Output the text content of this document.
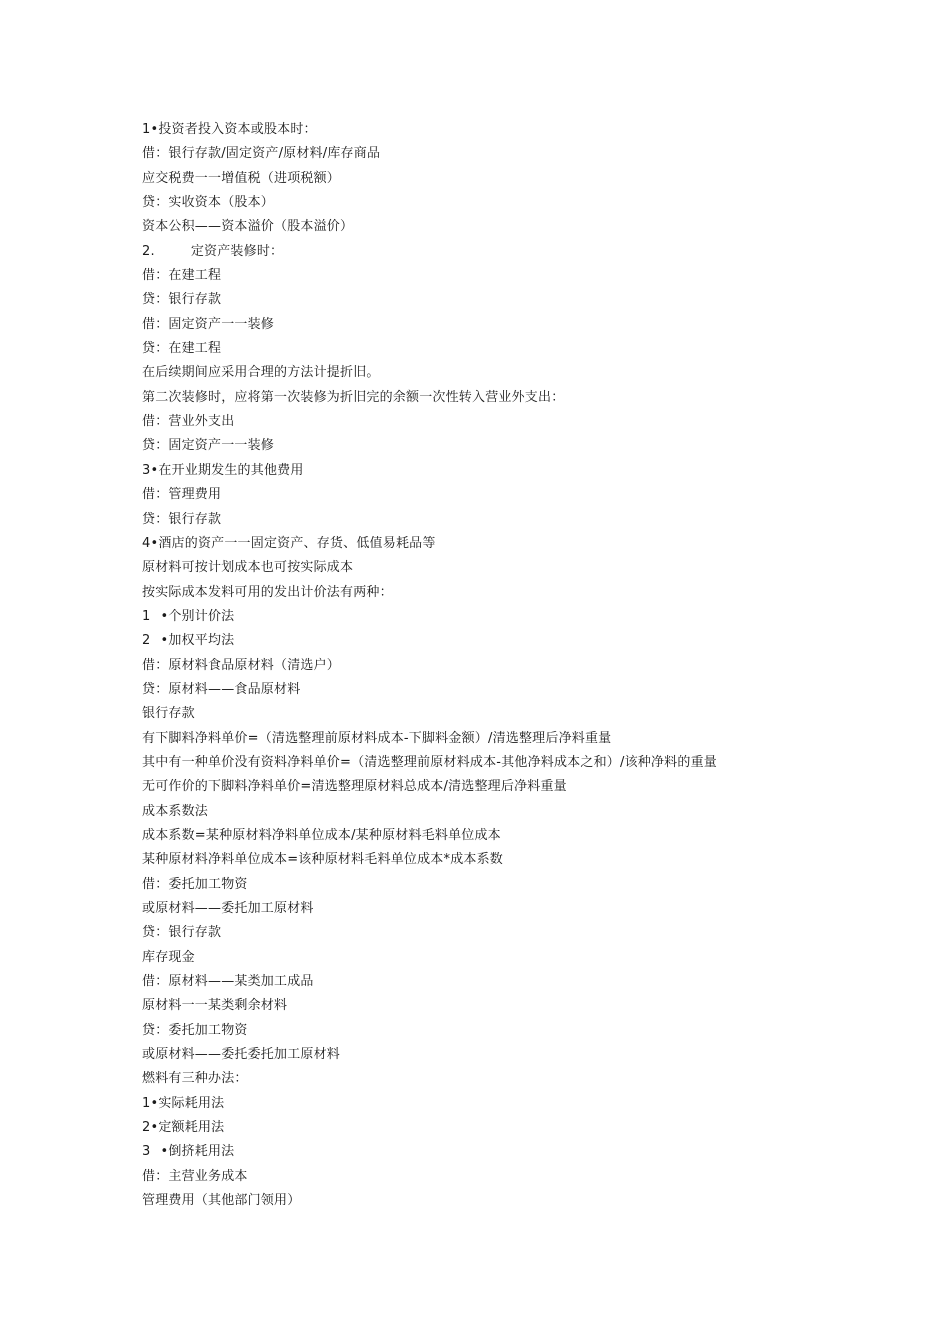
1•投资者投入资本或股本时：
借：银行存款/固定资产/原材料/库存商品
应交税费一一增值税（进项税额）
贷：实收资本（股本）
资本公积——资本溢价（股本溢价）
2.	定资产装修时：
借：在建工程
贷：银行存款
借：固定资产一一装修
贷：在建工程
在后续期间应采用合理的方法计提折旧。
第二次装修时，应将第一次装修为折旧完的余额一次性转入营业外支出：
借：营业外支出
贷：固定资产一一装修
3•在开业期发生的其他费用
借：管理费用
贷：银行存款
4•酒店的资产一一固定资产、存货、低值易耗品等
原材料可按计划成本也可按实际成本
按实际成本发料可用的发出计价法有两种：
1 •个别计价法
2 •加权平均法
借：原材料食品原材料（清选户）
贷：原材料——食品原材料
银行存款
有下脚料净料单价=（清选整理前原材料成本-下脚料金额）/清选整理后净料重量
其中有一种单价没有资料净料单价=（清选整理前原材料成本-其他净料成本之和）/该种净料的重量
无可作价的下脚料净料单价=清选整理原材料总成本/清选整理后净料重量
成本系数法
成本系数=某种原材料净料单位成本/某种原材料毛料单位成本
某种原材料净料单位成本=该种原材料毛料单位成本*成本系数
借：委托加工物资
或原材料——委托加工原材料
贷：银行存款
库存现金
借：原材料——某类加工成品
原材料一一某类剩余材料
贷：委托加工物资
或原材料——委托委托加工原材料
燃料有三种办法：
1•实际耗用法
2•定额耗用法
3 •倒挤耗用法
借：主营业务成本
管理费用（其他部门领用）
